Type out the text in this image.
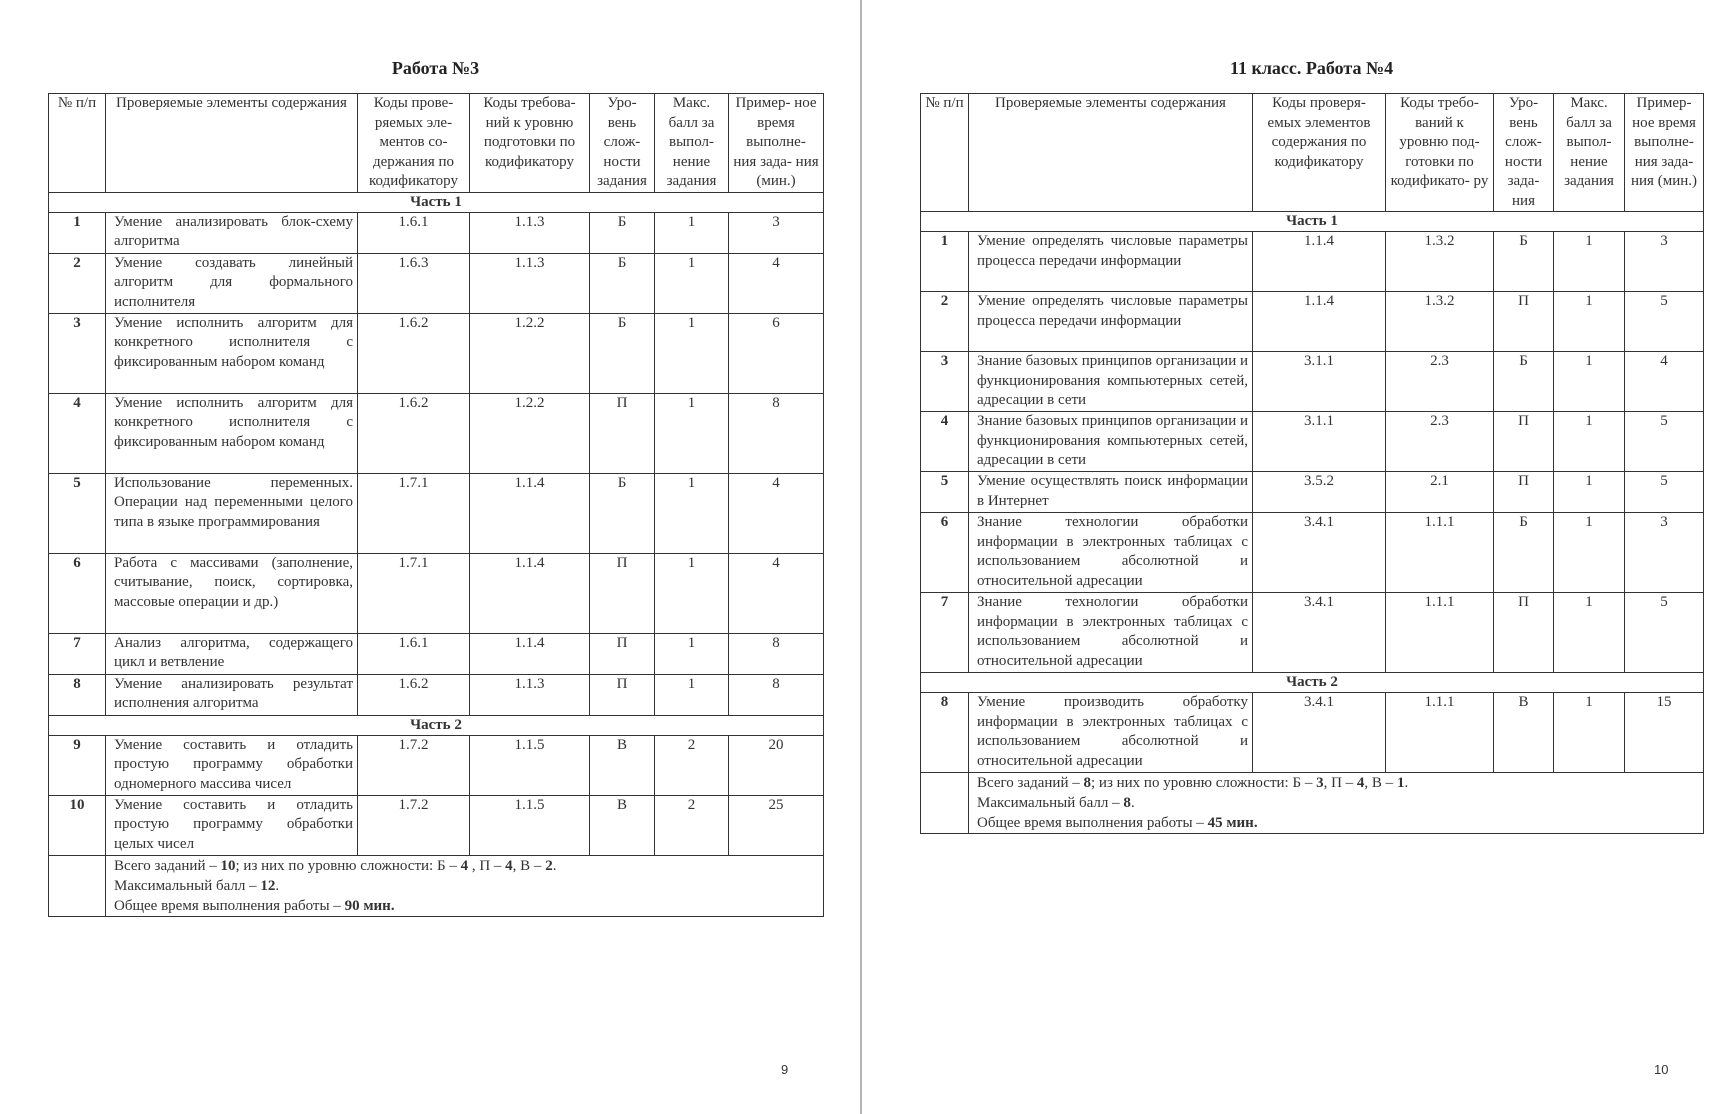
Работа №3
№ п/п	Проверяемые элементы содержания	Коды прове- ряемых эле- ментов со- держания по кодификатору	Коды требова- ний к уровню подготовки по кодификатору	Уро- вень слож- ности задания	Макс. балл за выпол- нение задания	Пример- ное время выполне- ния зада- ния (мин.)
Часть 1						
1	Умение анализировать блок-схему алгоритма	1.6.1	1.1.3	Б	1	3
2	Умение создавать линейный алгоритм для формального исполнителя	1.6.3	1.1.3	Б	1	4
3	Умение исполнить алгоритм для конкретного исполнителя с фиксированным набором команд	1.6.2	1.2.2	Б	1	6
4	Умение исполнить алгоритм для конкретного исполнителя с фиксированным набором команд	1.6.2	1.2.2	П	1	8
5	Использование переменных. Операции над переменными целого типа в языке программирования	1.7.1	1.1.4	Б	1	4
6	Работа с массивами (заполнение, считывание, поиск, сортировка, массовые операции и др.)	1.7.1	1.1.4	П	1	4
7	Анализ алгоритма, содержащего цикл и ветвление	1.6.1	1.1.4	П	1	8
8	Умение анализировать результат исполнения алгоритма	1.6.2	1.1.3	П	1	8
Часть 2						
9	Умение составить и отладить простую программу обработки одномерного массива чисел	1.7.2	1.1.5	В	2	20
10	Умение составить и отладить простую программу обработки целых чисел	1.7.2	1.1.5	В	2	25

	Всего заданий – 10; из них по уровню сложности: Б – 4 , П – 4, В – 2.
Максимальный балл – 12.
Общее время выполнения работы – 90 мин.					
9
11 класс. Работа №4
№ п/п	Проверяемые элементы содержания	Коды проверя- емых элементов содержания по кодификатору	Коды требо- ваний к уровню под- готовки по кодификато- ру	Уро- вень слож- ности зада- ния	Макс. балл за выпол- нение задания	Пример- ное время выполне- ния зада- ния (мин.)
Часть 1						
1	Умение определять числовые параметры процесса передачи информации	1.1.4	1.3.2	Б	1	3
2	Умение определять числовые параметры процесса передачи информации	1.1.4	1.3.2	П	1	5
3	Знание базовых принципов организации и функционирования компьютерных сетей, адресации в сети	3.1.1	2.3	Б	1	4
4	Знание базовых принципов организации и функционирования компьютерных сетей, адресации в сети	3.1.1	2.3	П	1	5
5	Умение осуществлять поиск информации в Интернет	3.5.2	2.1	П	1	5
6	Знание технологии обработки информации в электронных таблицах с использованием абсолютной и относительной адресации	3.4.1	1.1.1	Б	1	3
7	Знание технологии обработки информации в электронных таблицах с использованием абсолютной и относительной адресации	3.4.1	1.1.1	П	1	5
Часть 2						
8	Умение производить обработку информации в электронных таблицах с использованием абсолютной и относительной адресации	3.4.1	1.1.1	В	1	15

	Всего заданий – 8; из них по уровню сложности: Б – 3, П – 4, В – 1.
Максимальный балл – 8.
Общее время выполнения работы – 45 мин.					
10
